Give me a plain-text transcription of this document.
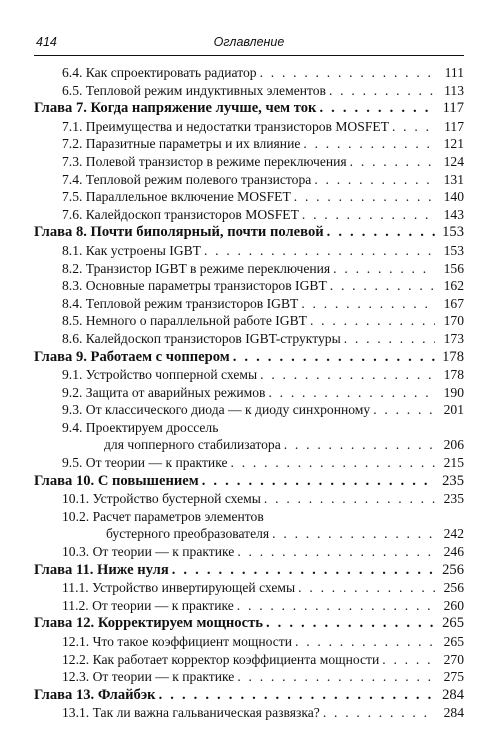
414	Оглавление
6.4. Как спроектировать радиатор . . .	111
6.5. Тепловой режим индуктивных элементов . . .	113
Глава 7. Когда напряжение лучше, чем ток . . .	117
7.1. Преимущества и недостатки транзисторов MOSFET . . .	117
7.2. Паразитные параметры и их влияние . . .	121
7.3. Полевой транзистор в режиме переключения . . .	124
7.4. Тепловой режим полевого транзистора . . .	131
7.5. Параллельное включение MOSFET . . .	140
7.6. Калейдоскоп транзисторов MOSFET . . .	143
Глава 8. Почти биполярный, почти полевой . . .	153
8.1. Как устроены IGBT . . .	153
8.2. Транзистор IGBT в режиме переключения . . .	156
8.3. Основные параметры транзисторов IGBT . . .	162
8.4. Тепловой режим транзисторов IGBT . . .	167
8.5. Немного о параллельной работе IGBT . . .	170
8.6. Калейдоскоп транзисторов IGBT-структуры . . .	173
Глава 9. Работаем с чоппером . . .	178
9.1. Устройство чопперной схемы . . .	178
9.2. Защита от аварийных режимов . . .	190
9.3. От классического диода — к диоду синхронному . . .	201
9.4. Проектируем дроссель
для чопперного стабилизатора . . .	206
9.5. От теории — к практике . . .	215
Глава 10. С повышением . . .	235
10.1. Устройство бустерной схемы . . .	235
10.2. Расчет параметров элементов
бустерного преобразователя . . .	242
10.3. От теории — к практике . . .	246
Глава 11. Ниже нуля . . .	256
11.1. Устройство инвертирующей схемы . . .	256
11.2. От теории — к практике . . .	260
Глава 12. Корректируем мощность . . .	265
12.1. Что такое коэффициент мощности . . .	265
12.2. Как работает корректор коэффициента мощности . . .	270
12.3. От теории — к практике . . .	275
Глава 13. Флайбэк . . .	284
13.1. Так ли важна гальваническая развязка? . . .	284
